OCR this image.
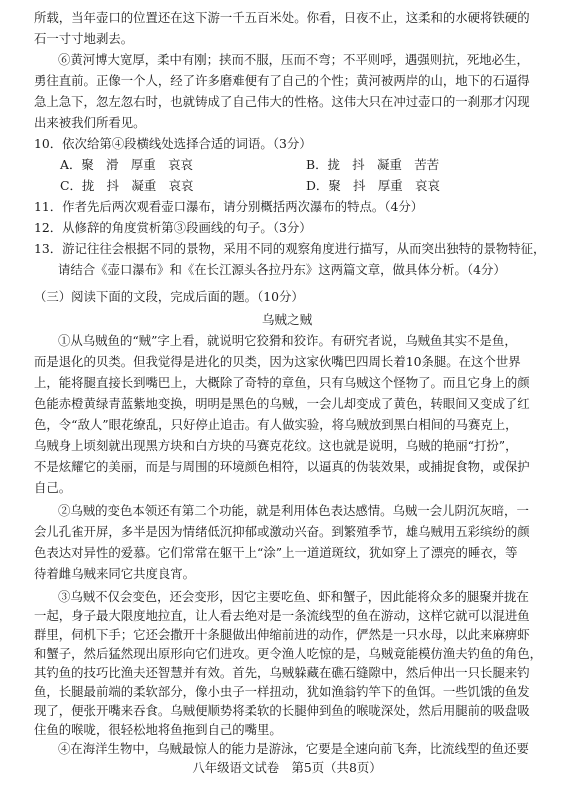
所载，当年壶口的位置还在这下游一千五百米处。你看，日夜不止，这柔和的水硬将铁硬的
石一寸寸地剥去。
⑥黄河博大宽厚，柔中有刚；挟而不服，压而不弯；不平则呼，遇强则抗，死地必生，
勇往直前。正像一个人，经了许多磨难便有了自己的个性；黄河被两岸的山，地下的石逼得
急上急下，忽左忽右时，也就铸成了自己伟大的性格。这伟大只在冲过壶口的一刹那才闪现
出来被我们所看见。
10．依次给第④段横线处选择合适的词语。（3分）
A．聚　滑　厚重　哀哀	B．拢　抖　凝重　苦苦
C．拢　抖　凝重　哀哀	D．聚　抖　厚重　哀哀
11．作者先后两次观看壶口瀑布，请分别概括两次瀑布的特点。（4分）
12．从修辞的角度赏析第③段画线的句子。（3分）
13．游记往往会根据不同的景物，采用不同的观察角度进行描写，从而突出独特的景物特征，
请结合《壶口瀑布》和《在长江源头各拉丹东》这两篇文章，做具体分析。（4分）
（三）阅读下面的文段，完成后面的题。（10分）
乌贼之贼
①从乌贼鱼的“贼”字上看，就说明它狡猾和狡诈。有研究者说，乌贼鱼其实不是鱼，
而是退化的贝类。但我觉得是进化的贝类，因为这家伙嘴巴四周长着10条腿。在这个世界
上，能将腿直接长到嘴巴上，大概除了奇特的章鱼，只有乌贼这个怪物了。而且它身上的颜
色能赤橙黄绿青蓝紫地变换，明明是黑色的乌贼，一会儿却变成了黄色，转眼间又变成了红
色，令“敌人”眼花缭乱，只好停止追击。有人做实验，将乌贼放到黑白相间的马赛克上，
乌贼身上顷刻就出现黑方块和白方块的马赛克花纹。这也就是说明，乌贼的艳丽“打扮”，
不是炫耀它的美丽，而是与周围的环境颜色相符，以逼真的伪装效果，或捕捉食物，或保护
自己。
②乌贼的变色本领还有第二个功能，就是利用体色表达感情。乌贼一会儿阴沉灰暗，一
会儿孔雀开屏，多半是因为情绪低沉抑郁或激动兴奋。到繁殖季节，雄乌贼用五彩缤纷的颜
色表达对异性的爱慕。它们常常在躯干上“涂”上一道道斑纹，犹如穿上了漂亮的睡衣，等
待着雌乌贼来同它共度良宵。
③乌贼不仅会变色，还会变形，因它主要吃鱼、虾和蟹子，因此能将众多的腿聚并拢在
一起，身子最大限度地拉直，让人看去绝对是一条流线型的鱼在游动，这样它就可以混进鱼
群里，伺机下手；它还会撒开十条腿做出伸缩前进的动作，俨然是一只水母，以此来麻痹虾
和蟹子，然后猛然现出原形向它们进攻。更令渔人吃惊的是，乌贼竟能模仿渔夫钓鱼的角色，
其钓鱼的技巧比渔夫还智慧并有效。首先，乌贼躲藏在礁石缝隙中，然后伸出一只长腿来钓
鱼，长腿最前端的柔软部分，像小虫子一样扭动，犹如渔翁钓竿下的鱼饵。一些饥饿的鱼发
现了，便张开嘴来吞食。乌贼便顺势将柔软的长腿伸到鱼的喉咙深处，然后用腿前的吸盘吸
住鱼的喉咙，很轻松地将鱼拖到自己的嘴里。
④在海洋生物中，乌贼最惊人的能力是游泳，它要是全速向前飞奔，比流线型的鱼还要
八年级语文试卷　第5页（共8页）
